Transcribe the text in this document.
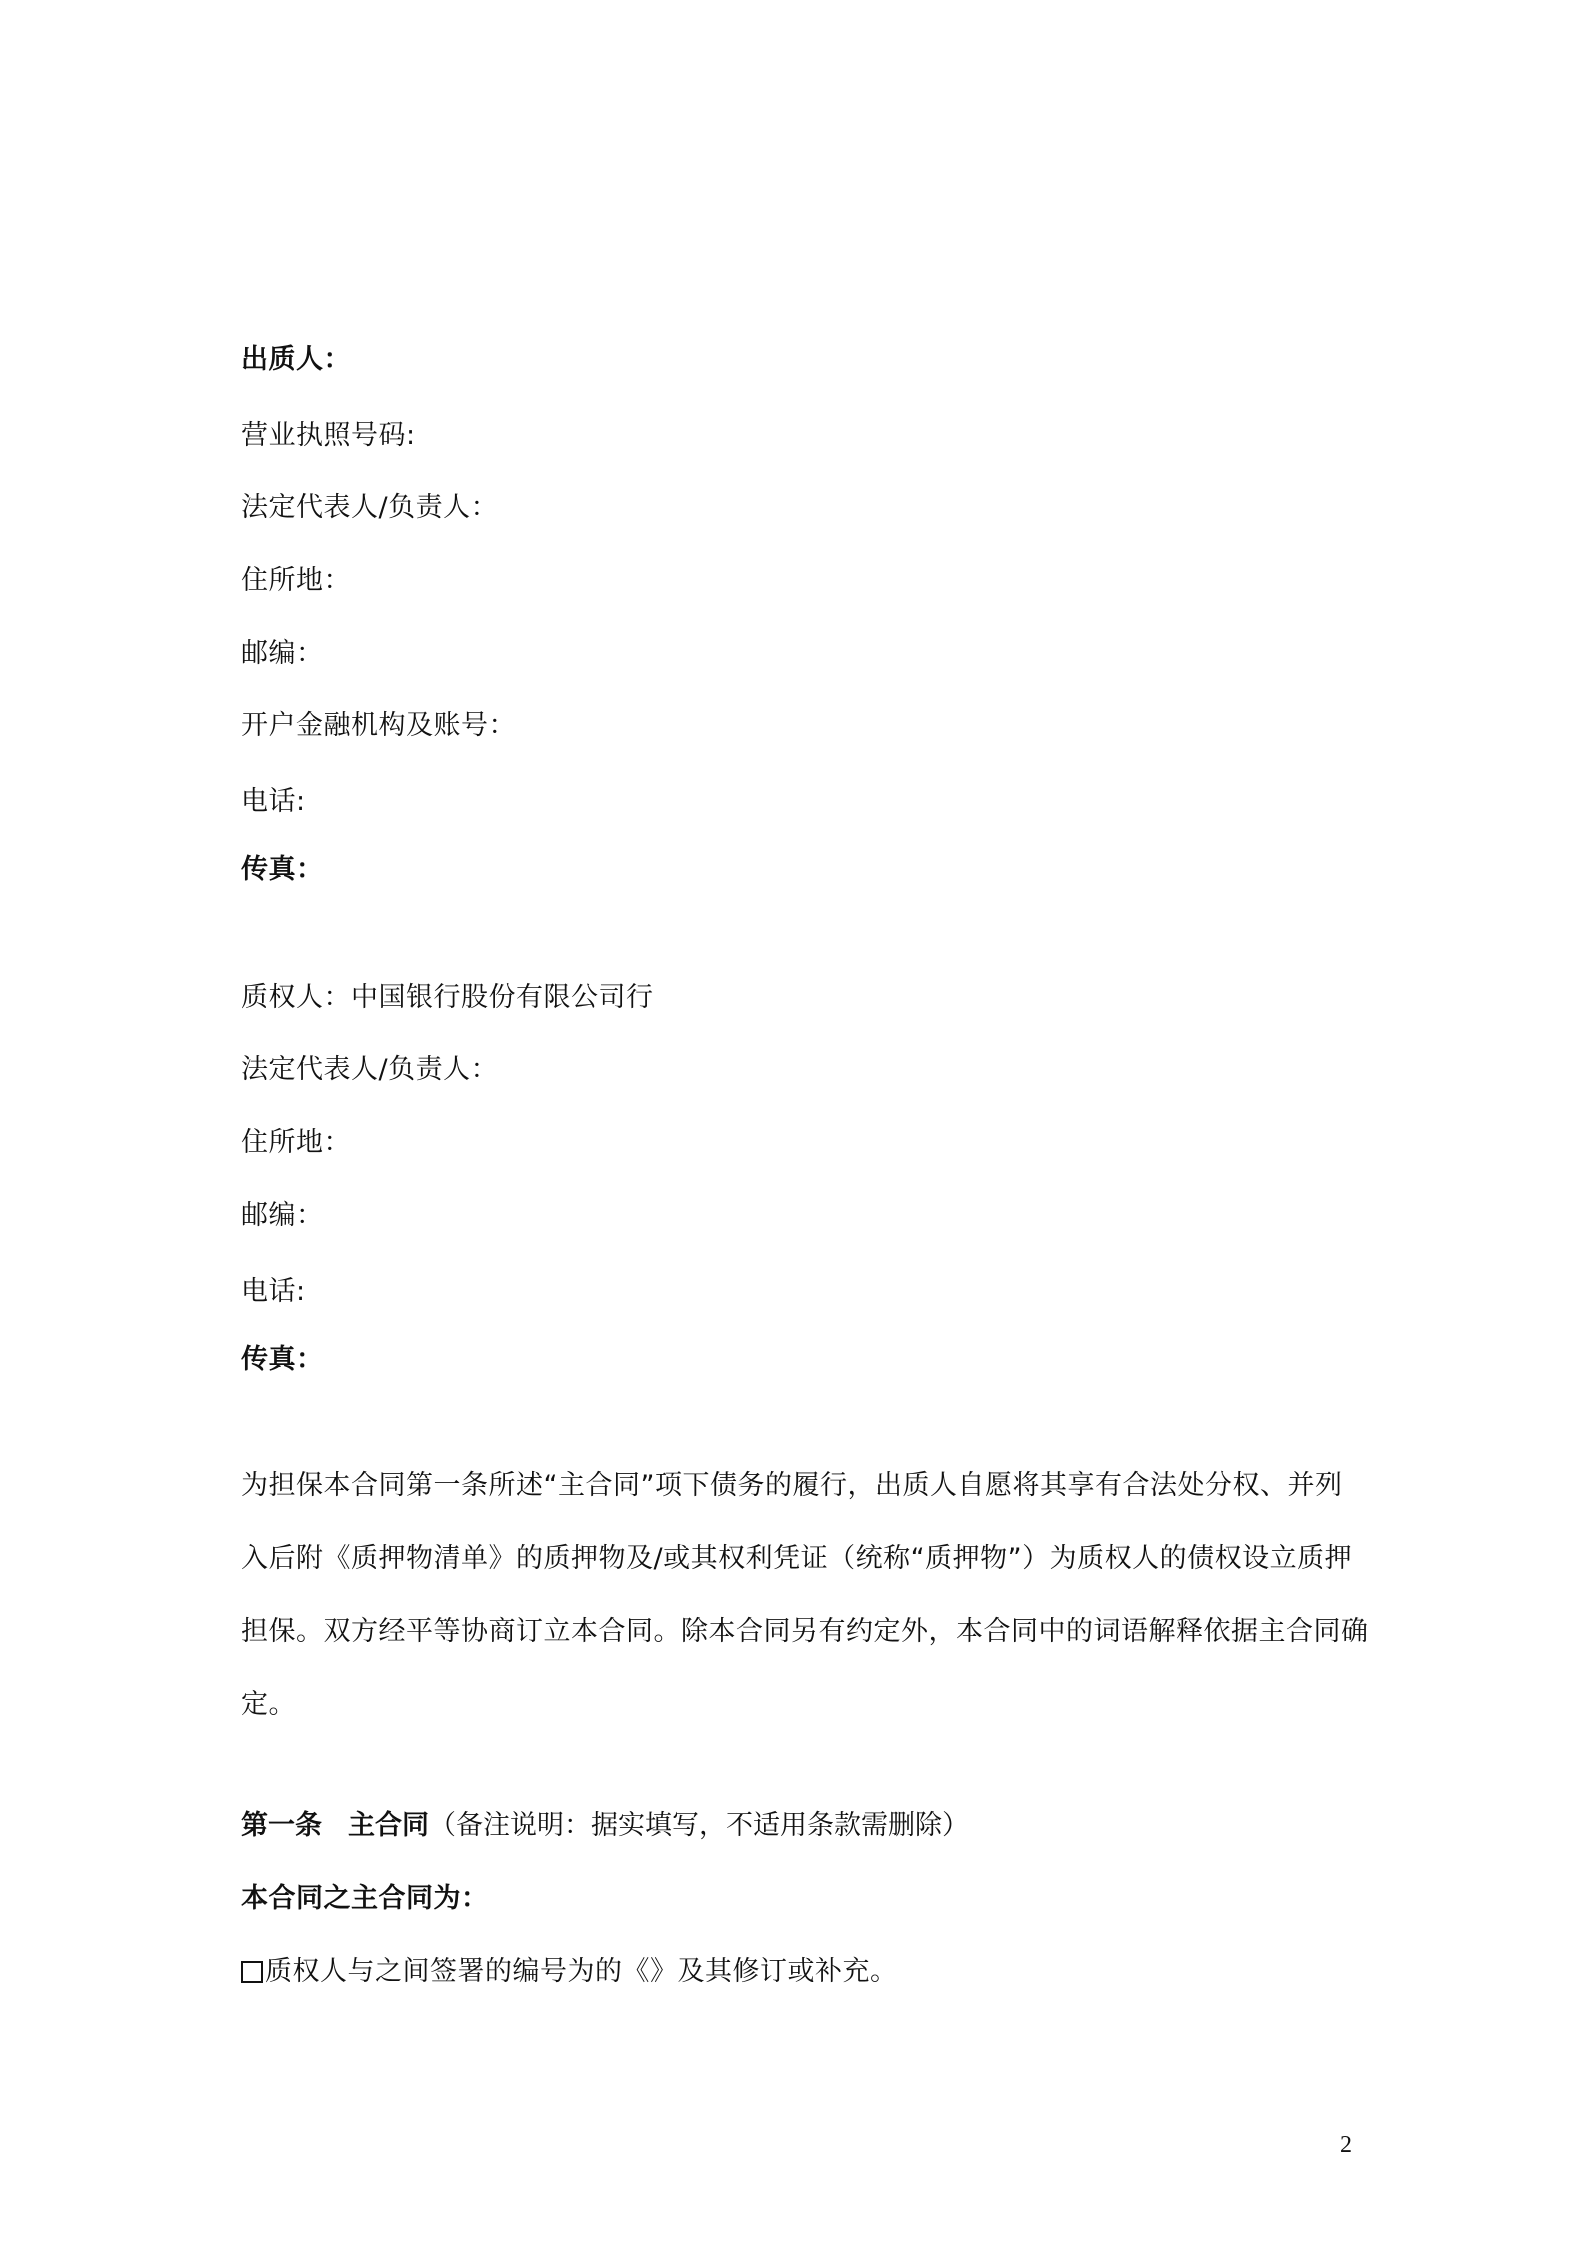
出质人：
营业执照号码:
法定代表人/负责人：
住所地：
邮编：
开户金融机构及账号：
电话:
传真：
质权人：中国银行股份有限公司行
法定代表人/负责人：
住所地：
邮编：
电话:
传真：
为担保本合同第一条所述“主合同”项下债务的履行，出质人自愿将其享有合法处分权、并列
入后附《质押物清单》的质押物及/或其权利凭证（统称“质押物”）为质权人的债权设立质押
担保。双方经平等协商订立本合同。除本合同另有约定外，本合同中的词语解释依据主合同确
定。
第一条 主合同（备注说明：据实填写，不适用条款需删除）
本合同之主合同为：
质权人与之间签署的编号为的《》及其修订或补充。
2
